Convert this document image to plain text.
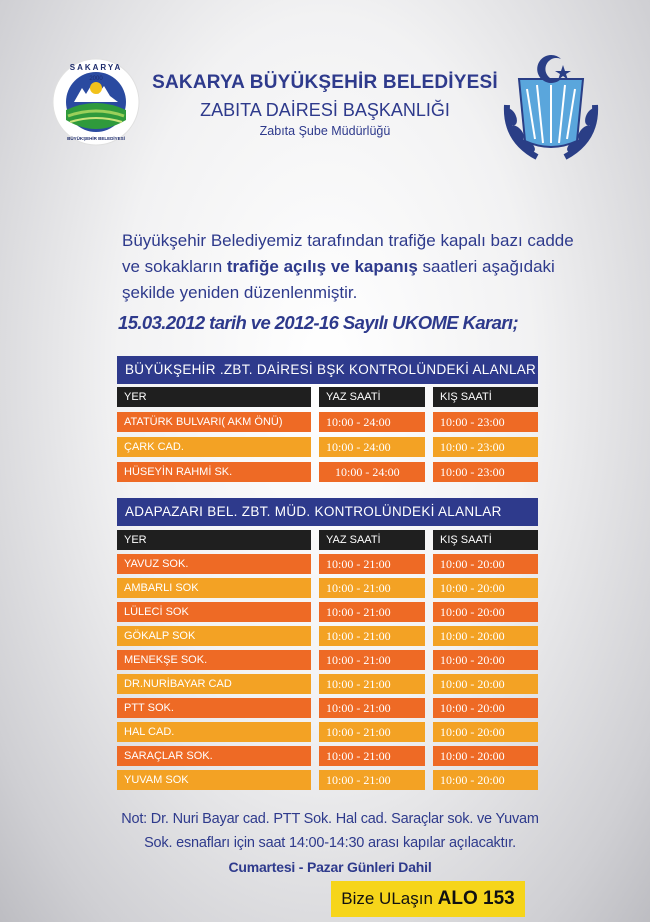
SAKARYA
2000
BÜYÜKŞEHİR BELEDİYESİ
SAKARYA BÜYÜKŞEHİR BELEDİYESİ
ZABITA DAİRESİ BAŞKANLIĞI
Zabıta Şube Müdürlüğü
Büyükşehir Belediyemiz tarafından trafiğe kapalı bazı cadde ve sokakların trafiğe açılış ve kapanış saatleri aşağıdaki şekilde yeniden düzenlenmiştir.
15.03.2012 tarih ve 2012-16 Sayılı UKOME Kararı;
BÜYÜKŞEHİR .ZBT. DAİRESİ BŞK KONTROLÜNDEKİ ALANLAR
YER	YAZ SAATİ	KIŞ SAATİ
ATATÜRK BULVARI( AKM ÖNÜ)	10:00 - 24:00	10:00 - 23:00
ÇARK CAD.	10:00 - 24:00	10:00 - 23:00
HÜSEYİN RAHMİ SK.	10:00 - 24:00	10:00 - 23:00
ADAPAZARI BEL. ZBT. MÜD. KONTROLÜNDEKİ ALANLAR
YER	YAZ SAATİ	KIŞ SAATİ
YAVUZ SOK.	10:00 - 21:00	10:00 - 20:00
AMBARLI SOK	10:00 - 21:00	10:00 - 20:00
LÜLECİ SOK	10:00 - 21:00	10:00 - 20:00
GÖKALP SOK	10:00 - 21:00	10:00 - 20:00
MENEKŞE SOK.	10:00 - 21:00	10:00 - 20:00
DR.NURİBAYAR CAD	10:00 - 21:00	10:00 - 20:00
PTT SOK.	10:00 - 21:00	10:00 - 20:00
HAL CAD.	10:00 - 21:00	10:00 - 20:00
SARAÇLAR SOK.	10:00 - 21:00	10:00 - 20:00
YUVAM SOK	10:00 - 21:00	10:00 - 20:00
Not: Dr. Nuri Bayar cad. PTT Sok. Hal cad. Saraçlar sok. ve Yuvam
Sok. esnafları için saat 14:00-14:30 arası kapılar açılacaktır.
Cumartesi - Pazar Günleri Dahil
Bize ULaşın ALO 153
